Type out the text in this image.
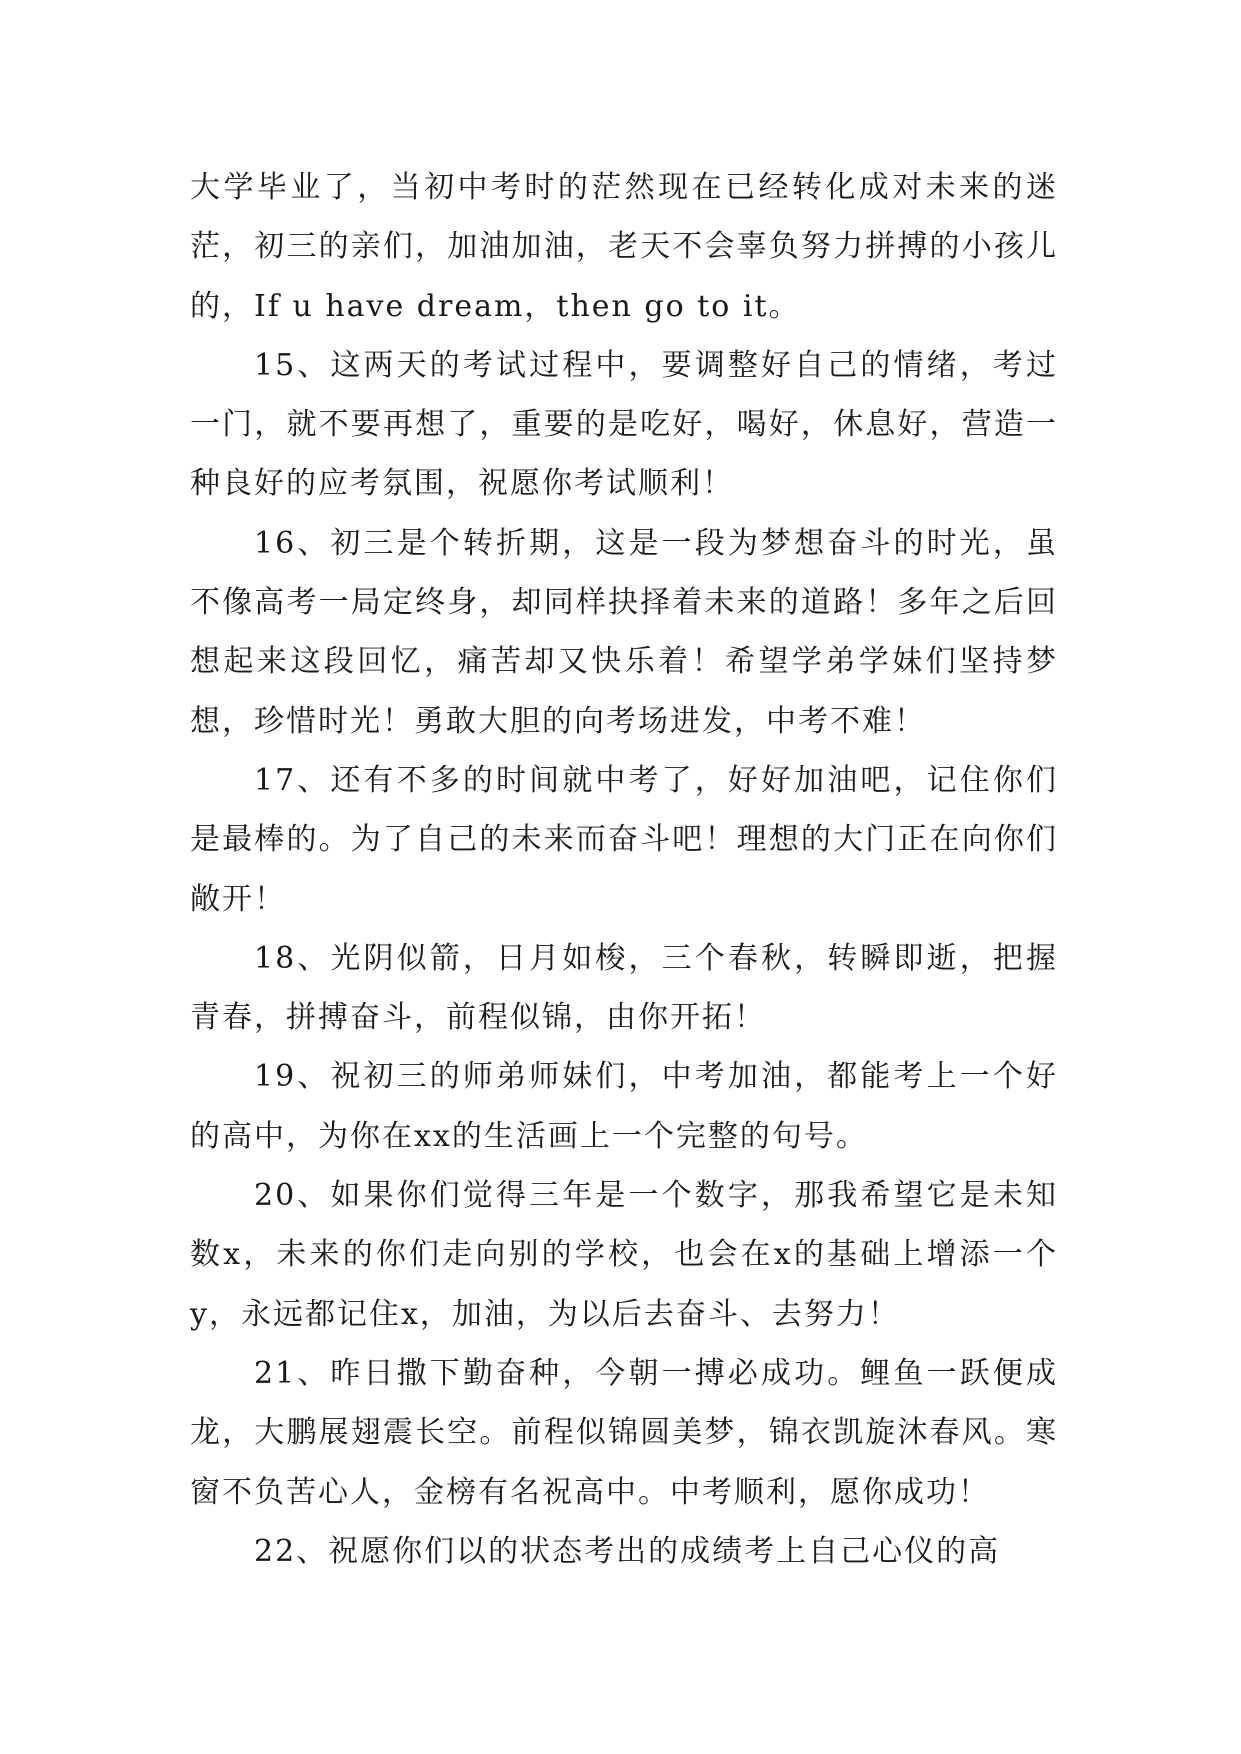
大学毕业了，当初中考时的茫然现在已经转化成对未来的迷茫，初三的亲们，加油加油，老天不会辜负努力拼搏的小孩儿的，If u have dream，then go to it。

15、这两天的考试过程中，要调整好自己的情绪，考过一门，就不要再想了，重要的是吃好，喝好，休息好，营造一种良好的应考氛围，祝愿你考试顺利！

16、初三是个转折期，这是一段为梦想奋斗的时光，虽不像高考一局定终身，却同样抉择着未来的道路！多年之后回想起来这段回忆，痛苦却又快乐着！希望学弟学妹们坚持梦想，珍惜时光！勇敢大胆的向考场进发，中考不难！

17、还有不多的时间就中考了，好好加油吧，记住你们是最棒的。为了自己的未来而奋斗吧！理想的大门正在向你们敞开！

18、光阴似箭，日月如梭，三个春秋，转瞬即逝，把握青春，拼搏奋斗，前程似锦，由你开拓！

19、祝初三的师弟师妹们，中考加油，都能考上一个好的高中，为你在xx的生活画上一个完整的句号。

20、如果你们觉得三年是一个数字，那我希望它是未知数x，未来的你们走向别的学校，也会在x的基础上增添一个y，永远都记住x，加油，为以后去奋斗、去努力！

21、昨日撒下勤奋种，今朝一搏必成功。鲤鱼一跃便成龙，大鹏展翅震长空。前程似锦圆美梦，锦衣凯旋沐春风。寒窗不负苦心人，金榜有名祝高中。中考顺利，愿你成功！

22、祝愿你们以的状态考出的成绩考上自己心仪的高
